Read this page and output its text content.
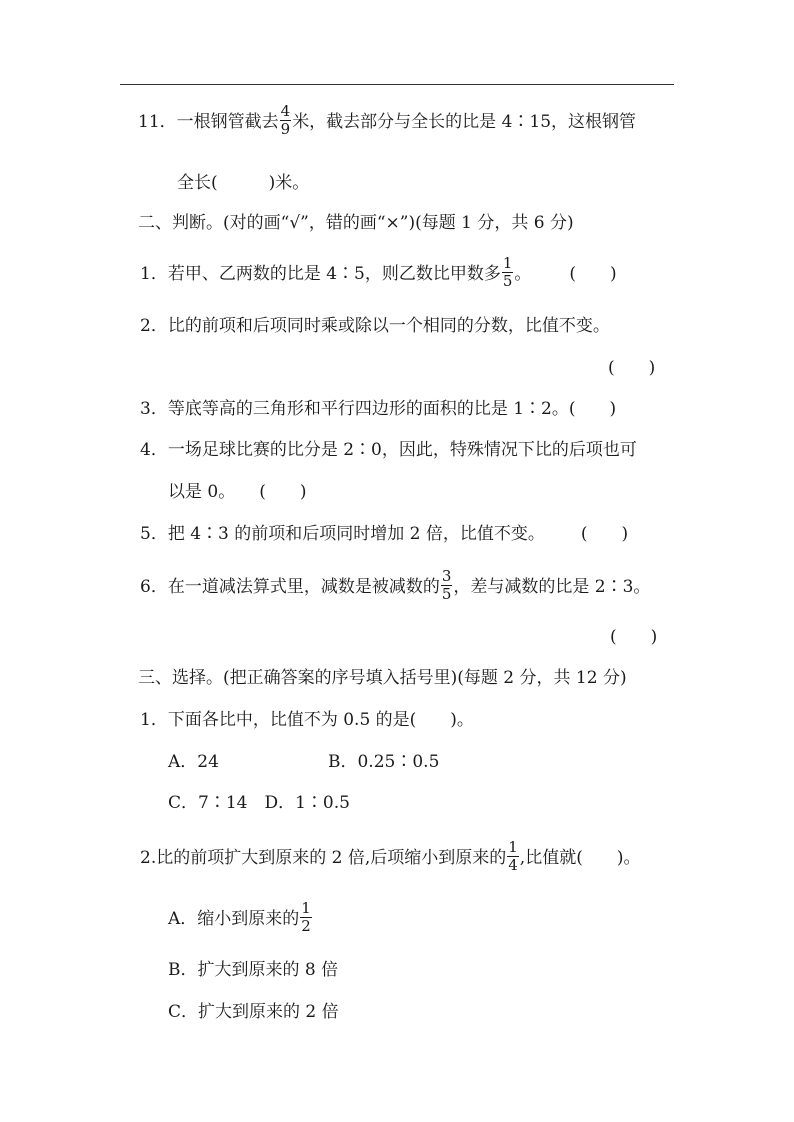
11．一根钢管截去 $\frac{4}{9}$ 米，截去部分与全长的比是 4∶15，这根钢管
全长(　　　)米。
二、判断。(对的画“√”，错的画“×”)(每题 1 分，共 6 分)
1．若甲、乙两数的比是 4∶5，则乙数比甲数多 $\frac{1}{5}$ 。 (　　)
2．比的前项和后项同时乘或除以一个相同的分数，比值不变。
(　　)
3．等底等高的三角形和平行四边形的面积的比是 1∶2。(　　)
4．一场足球比赛的比分是 2∶0，因此，特殊情况下比的后项也可
以是 0。 (　　)
5．把 4∶3 的前项和后项同时增加 2 倍，比值不变。 (　　)
6．在一道减法算式里，减数是被减数的 $\frac{3}{5}$ ，差与减数的比是 2∶3。
(　　)
三、选择。(把正确答案的序号填入括号里)(每题 2 分，共 12 分)
1．下面各比中，比值不为 0.5 的是(　　)。
A．24	B．0.25∶0.5
C．7∶14　D．1∶0.5
2.比的前项扩大到原来的 2 倍,后项缩小到原来的 $\frac{1}{4}$ ,比值就(　　)。
A．缩小到原来的 $\frac{1}{2}$
B．扩大到原来的 8 倍
C．扩大到原来的 2 倍
